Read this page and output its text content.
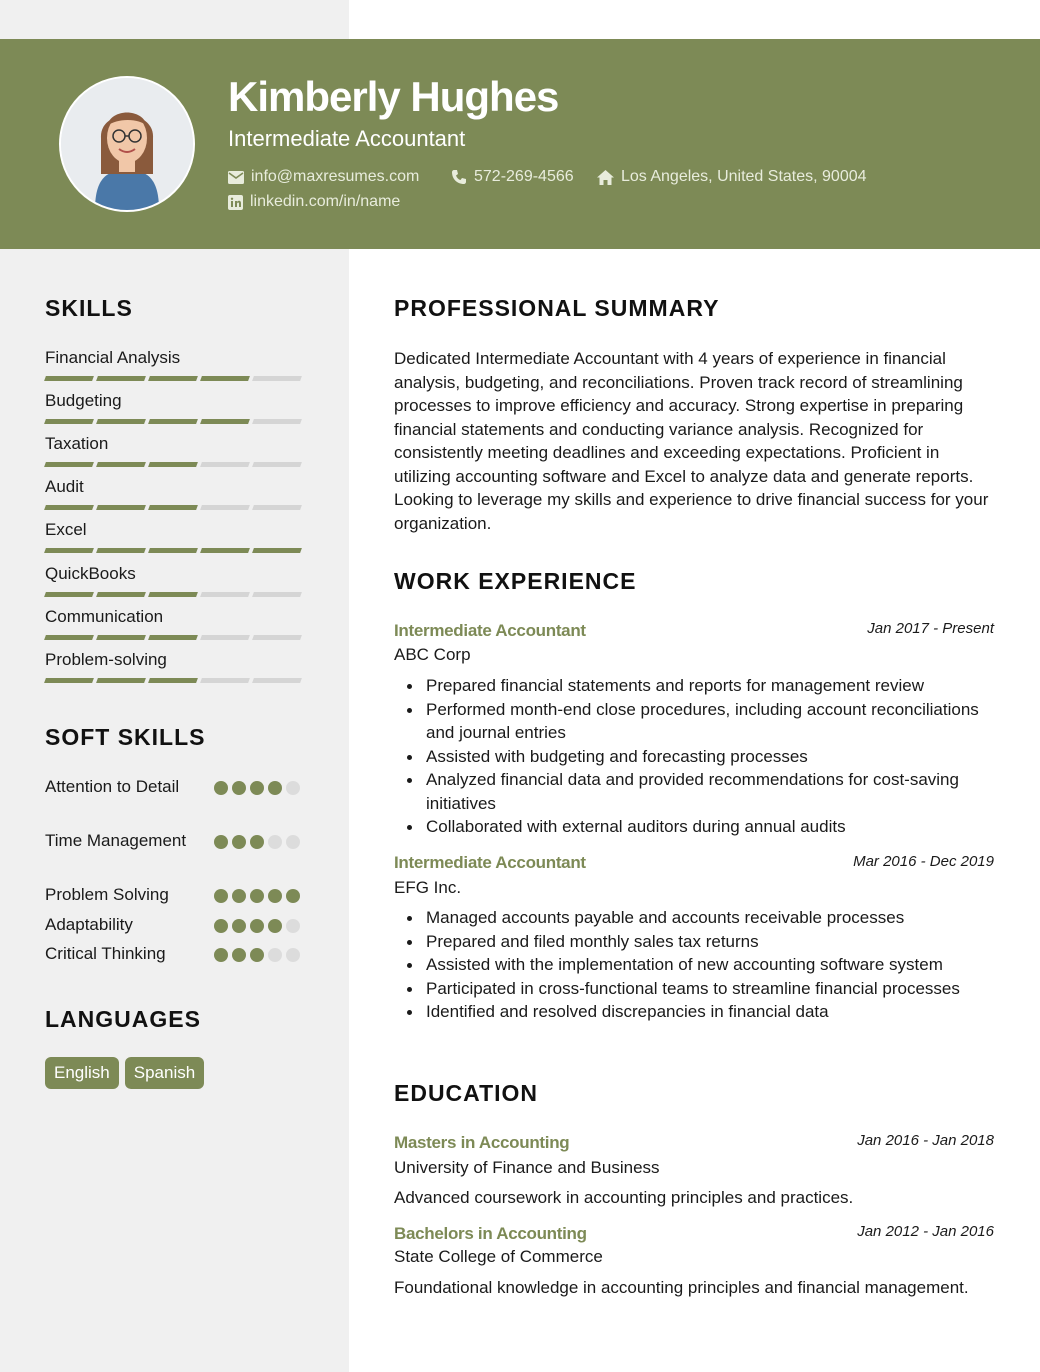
Kimberly Hughes
Intermediate Accountant
info@maxresumes.com	572-269-4566	Los Angeles, United States, 90004
linkedin.com/in/name
SKILLS
Financial Analysis
Budgeting
Taxation
Audit
Excel
QuickBooks
Communication
Problem-solving
SOFT SKILLS
Attention to Detail
Time Management
Problem Solving
Adaptability
Critical Thinking
LANGUAGES
English	Spanish
PROFESSIONAL SUMMARY
Dedicated Intermediate Accountant with 4 years of experience in financial analysis, budgeting, and reconciliations. Proven track record of streamlining processes to improve efficiency and accuracy. Strong expertise in preparing financial statements and conducting variance analysis. Recognized for consistently meeting deadlines and exceeding expectations. Proficient in utilizing accounting software and Excel to analyze data and generate reports. Looking to leverage my skills and experience to drive financial success for your organization.
WORK EXPERIENCE
Intermediate Accountant	Jan 2017 - Present
ABC Corp
Prepared financial statements and reports for management review
Performed month-end close procedures, including account reconciliations and journal entries
Assisted with budgeting and forecasting processes
Analyzed financial data and provided recommendations for cost-saving initiatives
Collaborated with external auditors during annual audits
Intermediate Accountant	Mar 2016 - Dec 2019
EFG Inc.
Managed accounts payable and accounts receivable processes
Prepared and filed monthly sales tax returns
Assisted with the implementation of new accounting software system
Participated in cross-functional teams to streamline financial processes
Identified and resolved discrepancies in financial data
EDUCATION
Masters in Accounting	Jan 2016 - Jan 2018
University of Finance and Business
Advanced coursework in accounting principles and practices.
Bachelors in Accounting	Jan 2012 - Jan 2016
State College of Commerce
Foundational knowledge in accounting principles and financial management.
